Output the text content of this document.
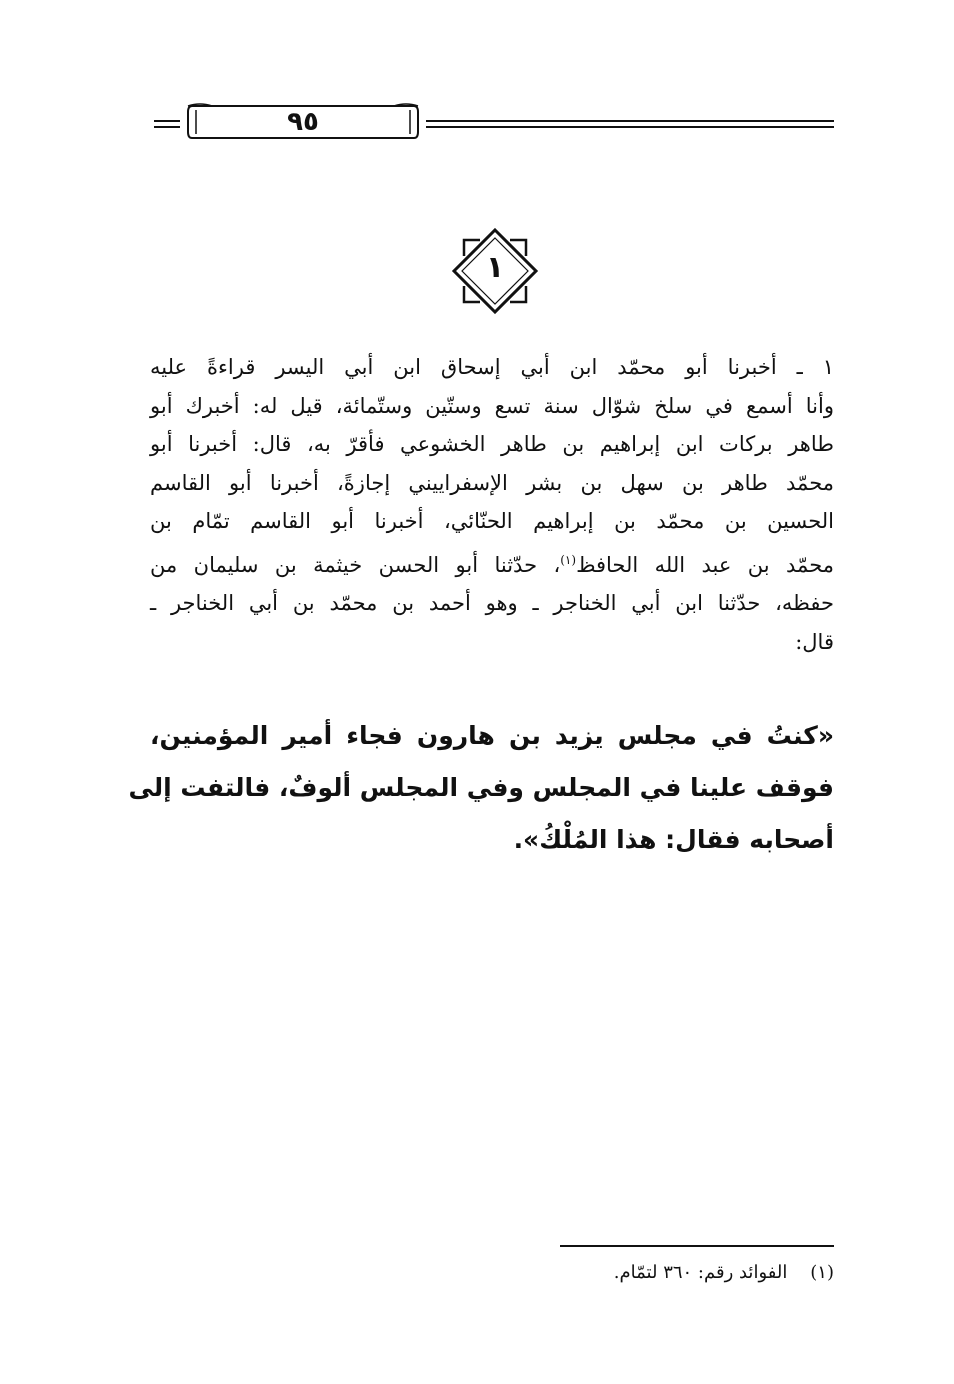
٩٥
١
١ ـ أخبرنا أبو محمّد ابن أبي إسحاق ابن أبي اليسر قراءةً عليه
وأنا أسمع في سلخ شوّال سنة تسع وستّين وستّمائة، قيل له: أخبرك أبو
طاهر بركات ابن إبراهيم بن طاهر الخشوعي فأقرّ به، قال: أخبرنا أبو
محمّد طاهر بن سهل بن بشر الإسفراييني إجازةً، أخبرنا أبو القاسم
الحسين بن محمّد بن إبراهيم الحنّائي، أخبرنا أبو القاسم تمّام بن
محمّد بن عبد الله الحافظ$^{(١)}$، حدّثنا أبو الحسن خيثمة بن سليمان من
حفظه، حدّثنا ابن أبي الخناجر ـ وهو أحمد بن محمّد بن أبي الخناجر ـ
قال:
«كنتُ في مجلس يزيد بن هارون فجاء أمير المؤمنين،
فوقف علينا في المجلس وفي المجلس ألوفٌ، فالتفت إلى
أصحابه فقال: هذا المُلْكُ».
(١)    الفوائد رقم: ٣٦٠ لتمّام.
